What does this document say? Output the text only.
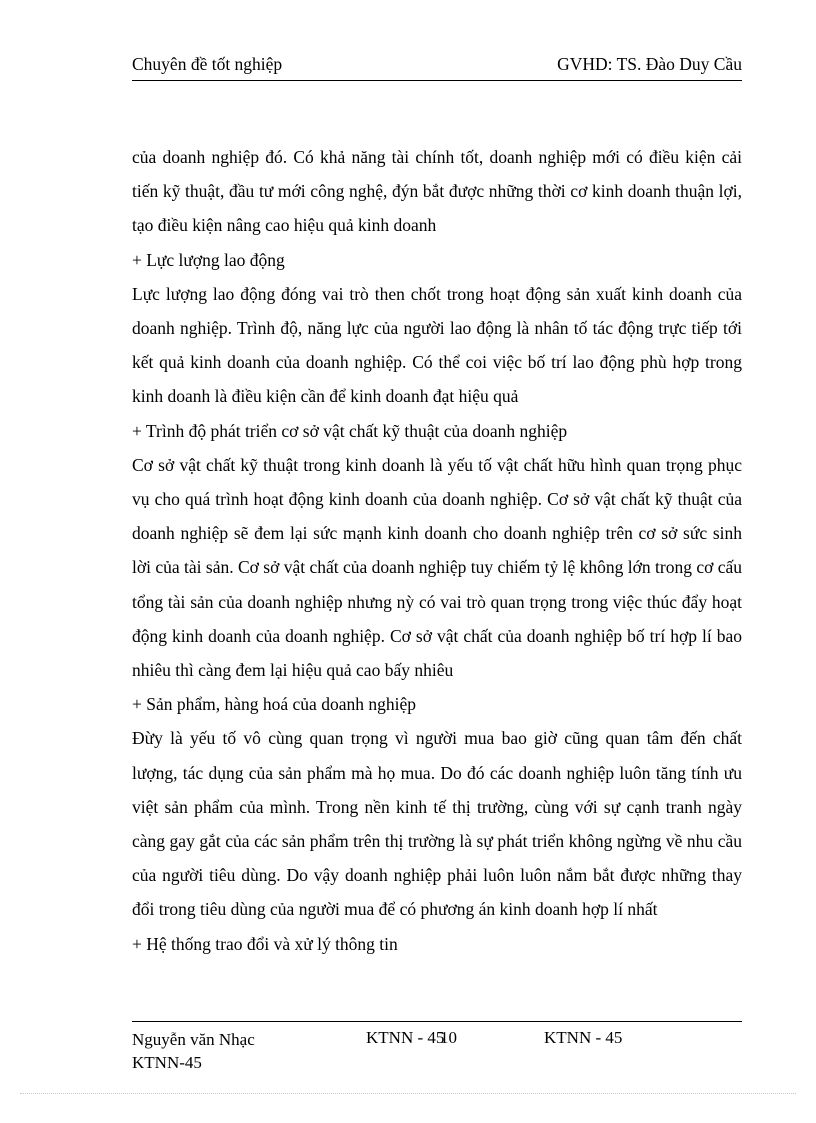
Chuyên đề tốt nghiệp	GVHD: TS. Đào Duy Cầu

của doanh nghiệp đó. Có khả năng tài chính tốt, doanh nghiệp mới có điều kiện cải tiến kỹ thuật, đầu tư mới công nghệ, đýn bắt được những thời cơ kinh doanh thuận lợi, tạo điều kiện nâng cao hiệu quả kinh doanh

+ Lực lượng lao động

Lực lượng lao động đóng vai trò then chốt trong hoạt động sản xuất kinh doanh của doanh nghiệp. Trình độ, năng lực của người lao động là nhân tố tác động trực tiếp tới kết quả kinh doanh của doanh nghiệp. Có thể coi việc bố trí lao động phù hợp trong kinh doanh là điều kiện cần để kinh doanh đạt hiệu quả

+ Trình độ phát triển cơ sở vật chất kỹ thuật của doanh nghiệp

Cơ sở vật chất kỹ thuật trong kinh doanh là yếu tố vật chất hữu hình quan trọng phục vụ cho quá trình hoạt động kinh doanh của doanh nghiệp. Cơ sở vật chất kỹ thuật của doanh nghiệp sẽ đem lại sức mạnh kinh doanh cho doanh nghiệp trên cơ sở sức sinh lời của tài sản. Cơ sở vật chất của doanh nghiệp tuy chiếm tỷ lệ không lớn trong cơ cấu tổng tài sản của doanh nghiệp nhưng nỳ có vai trò quan trọng trong việc thúc đẩy hoạt động kinh doanh của doanh nghiệp. Cơ sở vật chất của doanh nghiệp bố trí hợp lí bao nhiêu thì càng đem lại hiệu quả cao bấy nhiêu

+ Sản phẩm, hàng hoá của doanh nghiệp

Đừy là yếu tố vô cùng quan trọng vì người mua bao giờ cũng quan tâm đến chất lượng, tác dụng của sản phẩm mà họ mua. Do đó các doanh nghiệp luôn tăng tính ưu việt sản phẩm của mình. Trong nền kinh tế thị trường, cùng với sự cạnh tranh ngày càng gay gắt của các sản phẩm trên thị trường là sự phát triển không ngừng về nhu cầu của người tiêu dùng. Do vậy doanh nghiệp phải luôn luôn nắm bắt được những thay đổi trong tiêu dùng của người mua để có phương án kinh doanh hợp lí nhất

+ Hệ thống trao đổi và xử lý thông tin

Nguyễn văn Nhạc
KTNN-45
KTNN - 45
10	KTNN - 45
